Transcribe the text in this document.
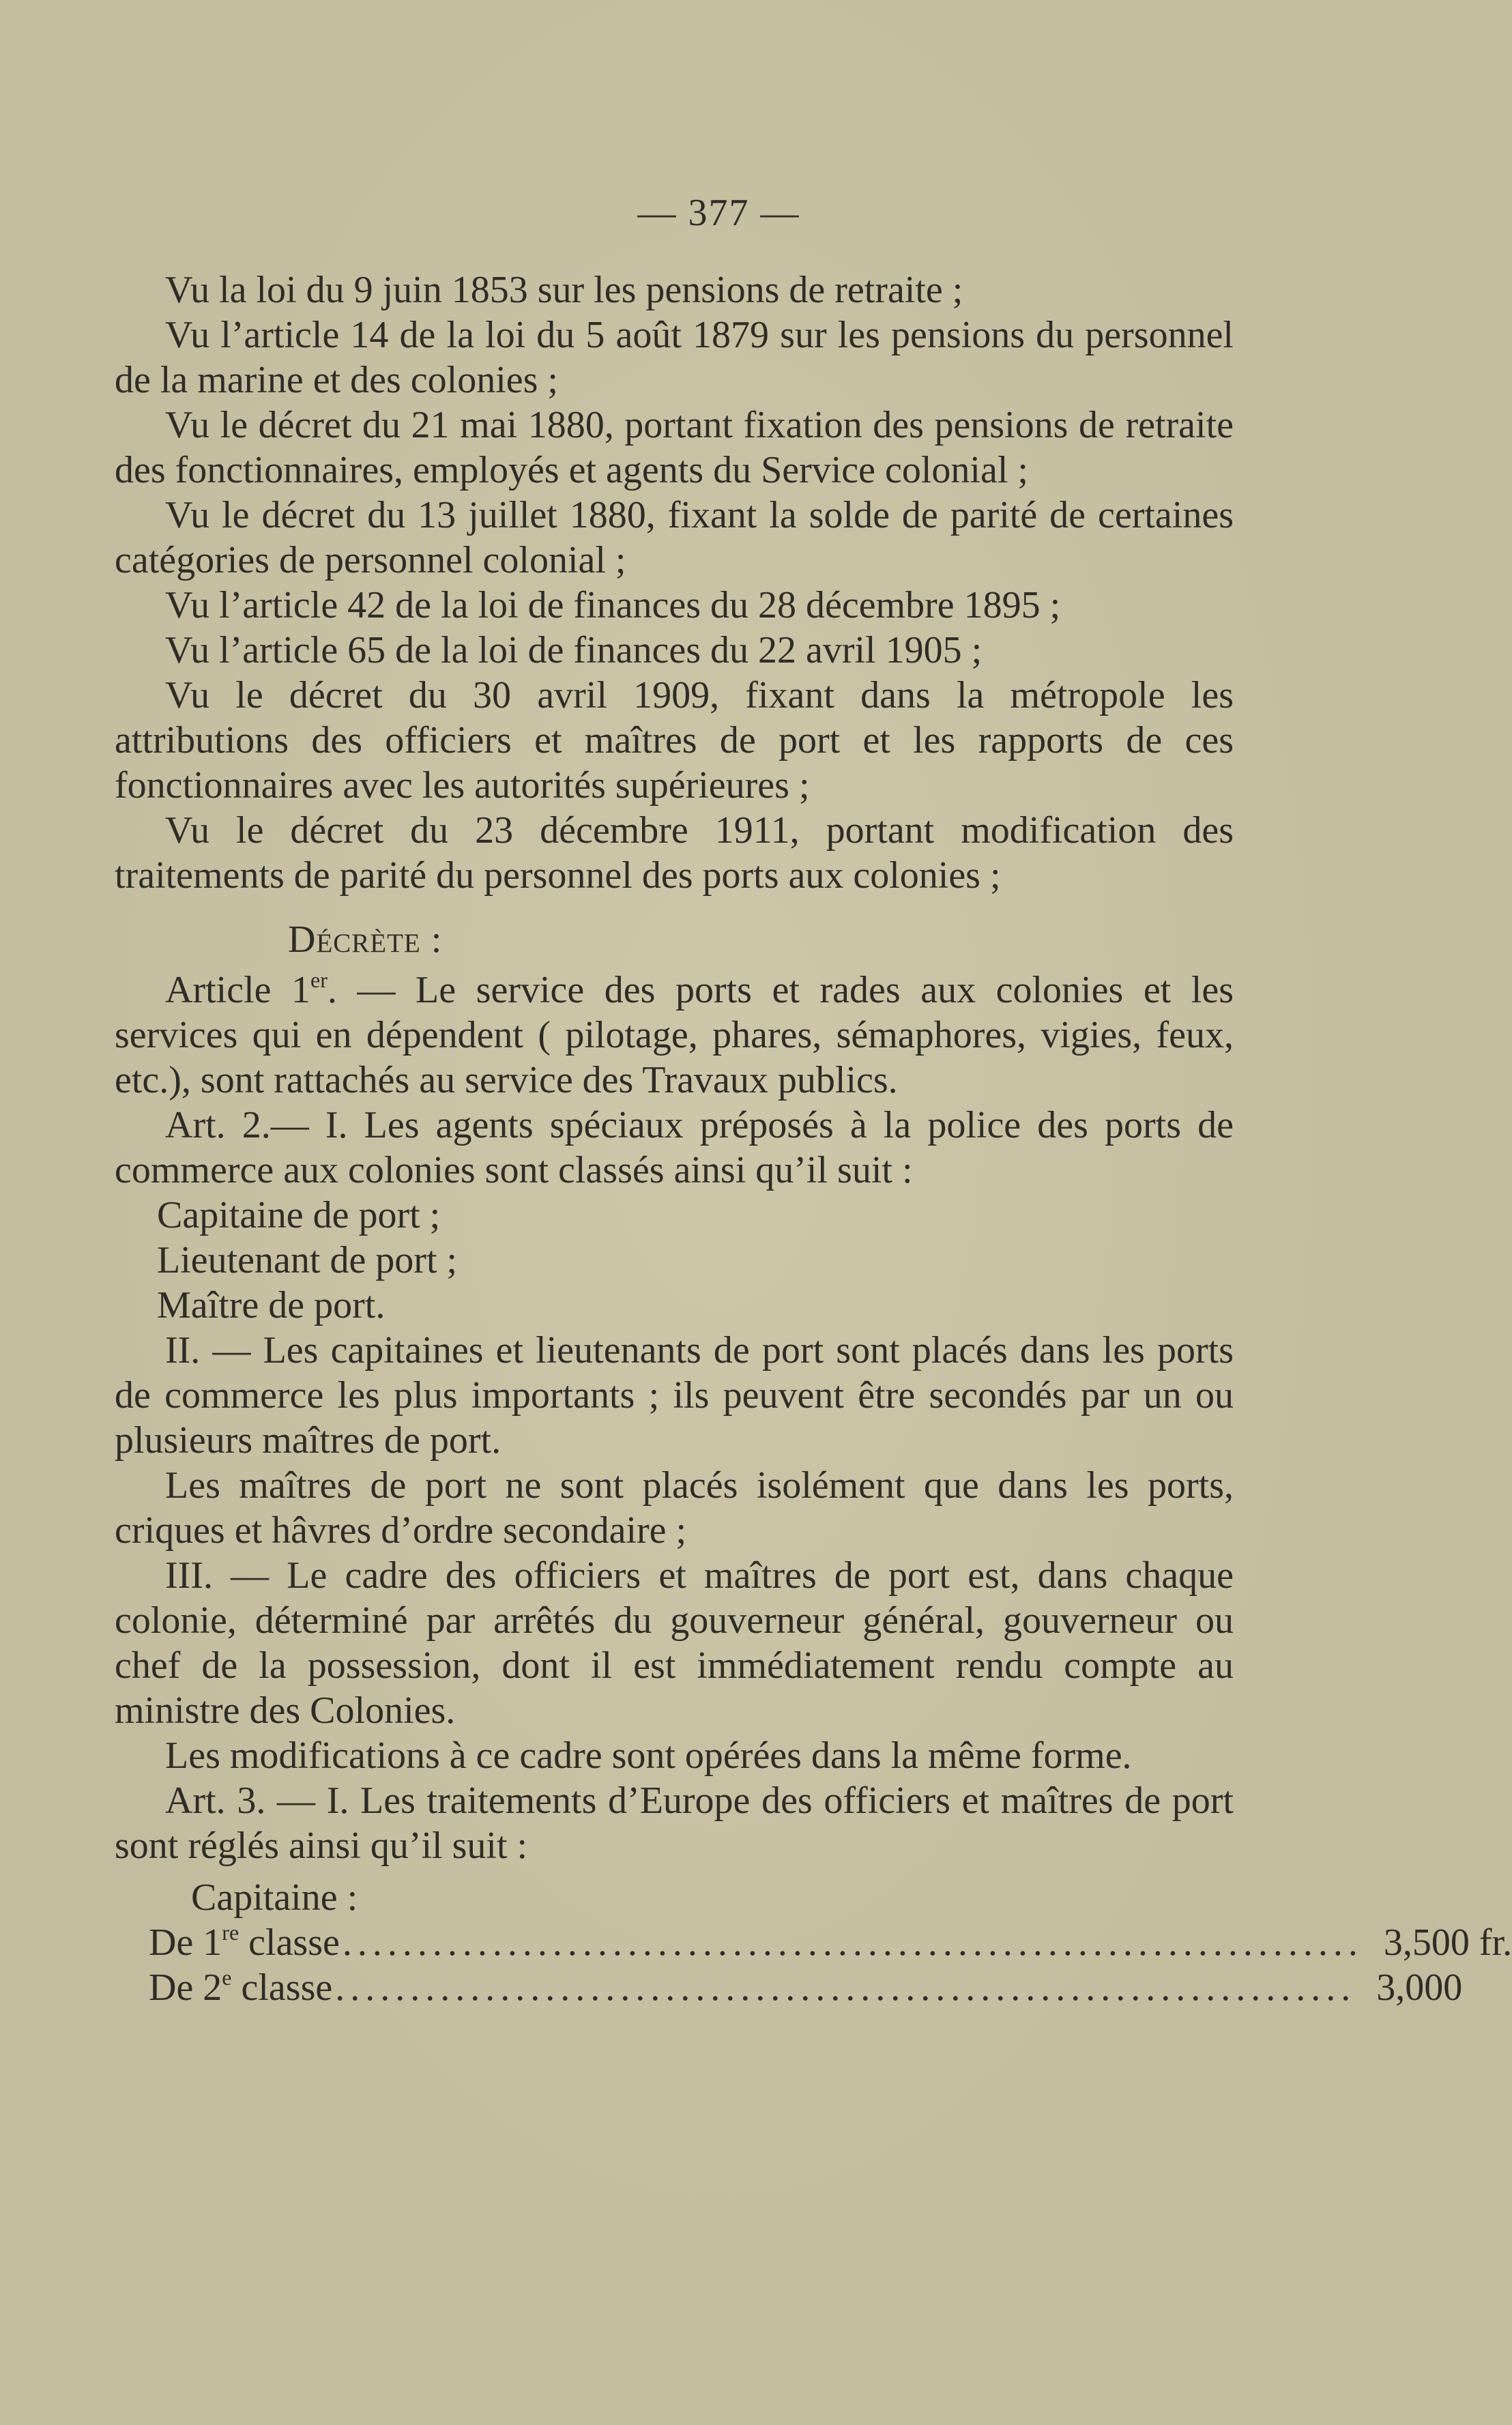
— 377 —

Vu la loi du 9 juin 1853 sur les pensions de retraite ;

Vu l’article 14 de la loi du 5 août 1879 sur les pensions du personnel de la marine et des colonies ;

Vu le décret du 21 mai 1880, portant fixation des pensions de retraite des fonctionnaires, employés et agents du Service colonial ;

Vu le décret du 13 juillet 1880, fixant la solde de parité de certaines catégories de personnel colonial ;

Vu l’article 42 de la loi de finances du 28 décembre 1895 ;

Vu l’article 65 de la loi de finances du 22 avril 1905 ;

Vu le décret du 30 avril 1909, fixant dans la métropole les attributions des officiers et maîtres de port et les rapports de ces fonctionnaires avec les autorités supérieures ;

Vu le décret du 23 décembre 1911, portant modification des traitements de parité du personnel des ports aux colonies ;

Décrète :

Article 1er. — Le service des ports et rades aux colonies et les services qui en dépendent ( pilotage, phares, sémaphores, vigies, feux, etc.), sont rattachés au service des Travaux publics.

Art. 2.— I. Les agents spéciaux préposés à la police des ports de commerce aux colonies sont classés ainsi qu’il suit :

Capitaine de port ;

Lieutenant de port ;

Maître de port.

II. — Les capitaines et lieutenants de port sont placés dans les ports de commerce les plus importants ; ils peuvent être secondés par un ou plusieurs maîtres de port.

Les maîtres de port ne sont placés isolément que dans les ports, criques et hâvres d’ordre secondaire ;

III. — Le cadre des officiers et maîtres de port est, dans chaque colonie, déterminé par arrêtés du gouverneur général, gouverneur ou chef de la possession, dont il est immédiatement rendu compte au ministre des Colonies.

Les modifications à ce cadre sont opérées dans la même forme.

Art. 3. — I. Les traitements d’Europe des officiers et maîtres de port sont réglés ainsi qu’il suit :

Capitaine :

De 1re classe .................................................................... 3,500 fr.
De 2e classe .................................................................... 3,000
